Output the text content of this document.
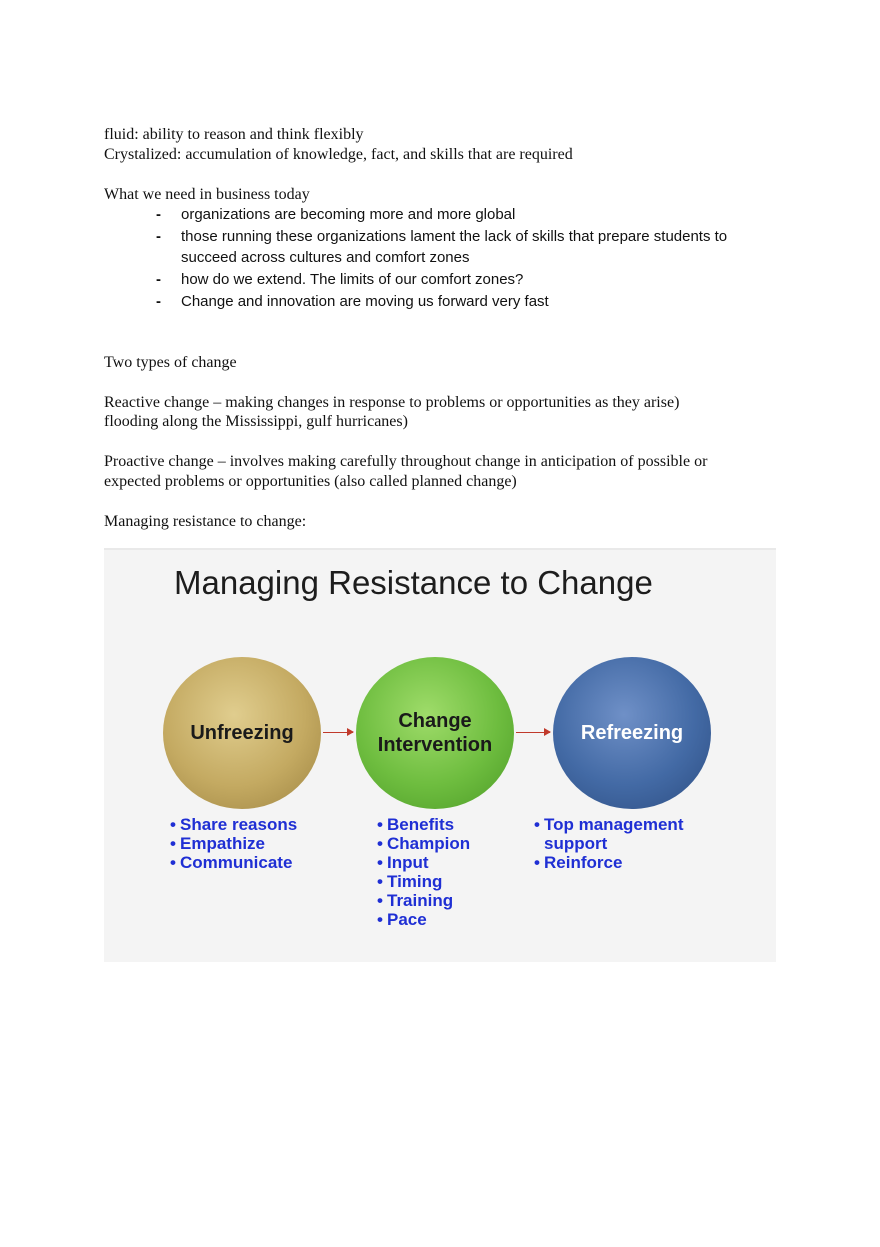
fluid: ability to reason and think flexibly
Crystalized: accumulation of knowledge, fact, and skills that are required
What we need in business today
- organizations are becoming more and more global
- those running these organizations lament the lack of skills that prepare students to succeed across cultures and comfort zones
- how do we extend. The limits of our comfort zones?
- Change and innovation are moving us forward very fast
Two types of change
Reactive change – making changes in response to problems or opportunities as they arise)
flooding along the Mississippi, gulf hurricanes)
Proactive change – involves making carefully throughout change in anticipation of possible or
expected problems or opportunities (also called planned change)
Managing resistance to change:
Managing Resistance to Change
Unfreezing
Change Intervention
Refreezing
• Share reasons
• Empathize
• Communicate
• Benefits
• Champion
• Input
• Timing
• Training
• Pace
• Top management support
• Reinforce
